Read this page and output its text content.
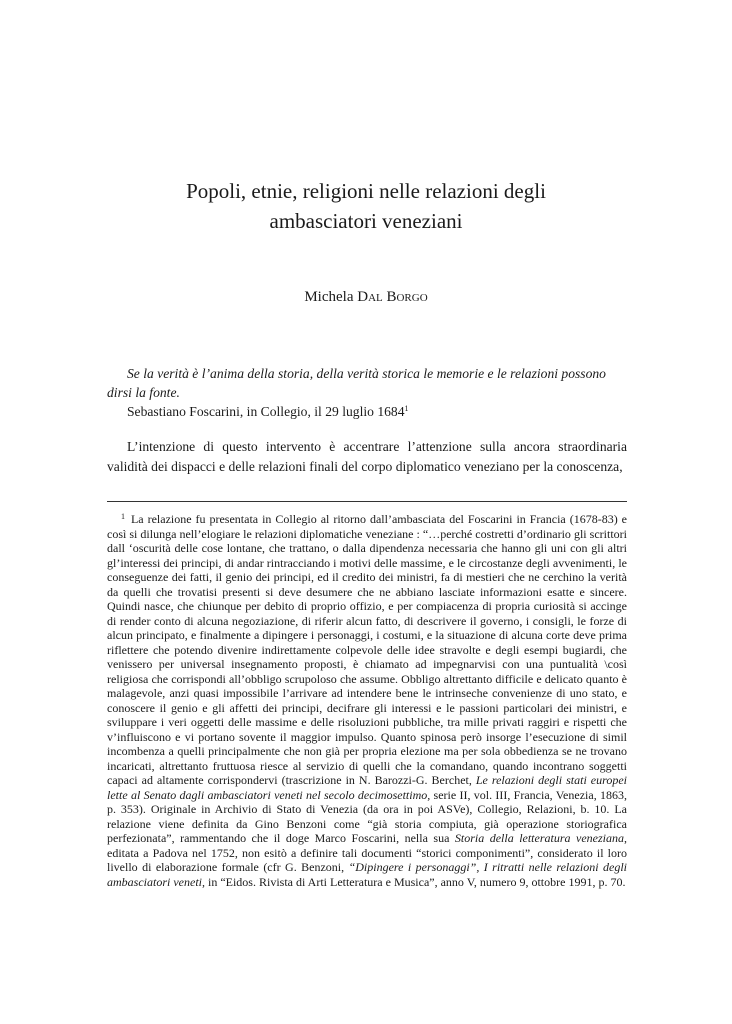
Popoli, etnie, religioni nelle relazioni degli
ambasciatori veneziani
Michela Dal Borgo

Se la verità è l’anima della storia, della verità storica le memorie e le relazioni possono dirsi la fonte.

Sebastiano Foscarini, in Collegio, il 29 luglio 1684$^1$

L’intenzione di questo intervento è accentrare l’attenzione sulla ancora straordinaria validità dei dispacci e delle relazioni finali del corpo diplomatico veneziano per la conoscenza,

$^1$ La relazione fu presentata in Collegio al ritorno dall’ambasciata del Foscarini in Francia (1678-83) e così si dilunga nell’elogiare le relazioni diplomatiche veneziane : “…perché costretti d’ordinario gli scrittori dall ‘oscurità delle cose lontane, che trattano, o dalla dipendenza necessaria che hanno gli uni con gli altri gl’interessi dei principi, di andar rintracciando i motivi delle massime, e le circostanze degli avvenimenti, le conseguenze dei fatti, il genio dei principi, ed il credito dei ministri, fa di mestieri che ne cerchino la verità da quelli che trovatisi presenti si deve desumere che ne abbiano lasciate informazioni esatte e sincere. Quindi nasce, che chiunque per debito di proprio offizio, e per compiacenza di propria curiosità si accinge di render conto di alcuna negoziazione, di riferir alcun fatto, di descrivere il governo, i consigli, le forze di alcun principato, e finalmente a dipingere i personaggi, i costumi, e la situazione di alcuna corte deve prima riflettere che potendo divenire indirettamente colpevole delle idee stravolte e degli esempi bugiardi, che venissero per universal insegnamento proposti, è chiamato ad impegnarvisi con una puntualità \così religiosa che corrispondi all’obbligo scrupoloso che assume. Obbligo altrettanto difficile e delicato quanto è malagevole, anzi quasi impossibile l’arrivare ad intendere bene le intrinseche convenienze di uno stato, e conoscere il genio e gli affetti dei principi, decifrare gli interessi e le passioni particolari dei ministri, e sviluppare i veri oggetti delle massime e delle risoluzioni pubbliche, tra mille privati raggiri e rispetti che v’influiscono e vi portano sovente il maggior impulso. Quanto spinosa però insorge l’esecuzione di simil incombenza a quelli principalmente che non già per propria elezione ma per sola obbedienza se ne trovano incaricati, altrettanto fruttuosa riesce al servizio di quelli che la comandano, quando incontrano soggetti capaci ad altamente corrispondervi (trascrizione in N. Barozzi-G. Berchet, Le relazioni degli stati europei lette al Senato dagli ambasciatori veneti nel secolo decimosettimo, serie II, vol. III, Francia, Venezia, 1863, p. 353). Originale in Archivio di Stato di Venezia (da ora in poi ASVe), Collegio, Relazioni, b. 10. La relazione viene definita da Gino Benzoni come “già storia compiuta, già operazione storiografica perfezionata”, rammentando che il doge Marco Foscarini, nella sua Storia della letteratura veneziana, editata a Padova nel 1752, non esitò a definire tali documenti “storici componimenti”, considerato il loro livello di elaborazione formale (cfr G. Benzoni, “Dipingere i personaggi”, I ritratti nelle relazioni degli ambasciatori veneti, in “Eidos. Rivista di Arti Letteratura e Musica”, anno V, numero 9, ottobre 1991, p. 70.
